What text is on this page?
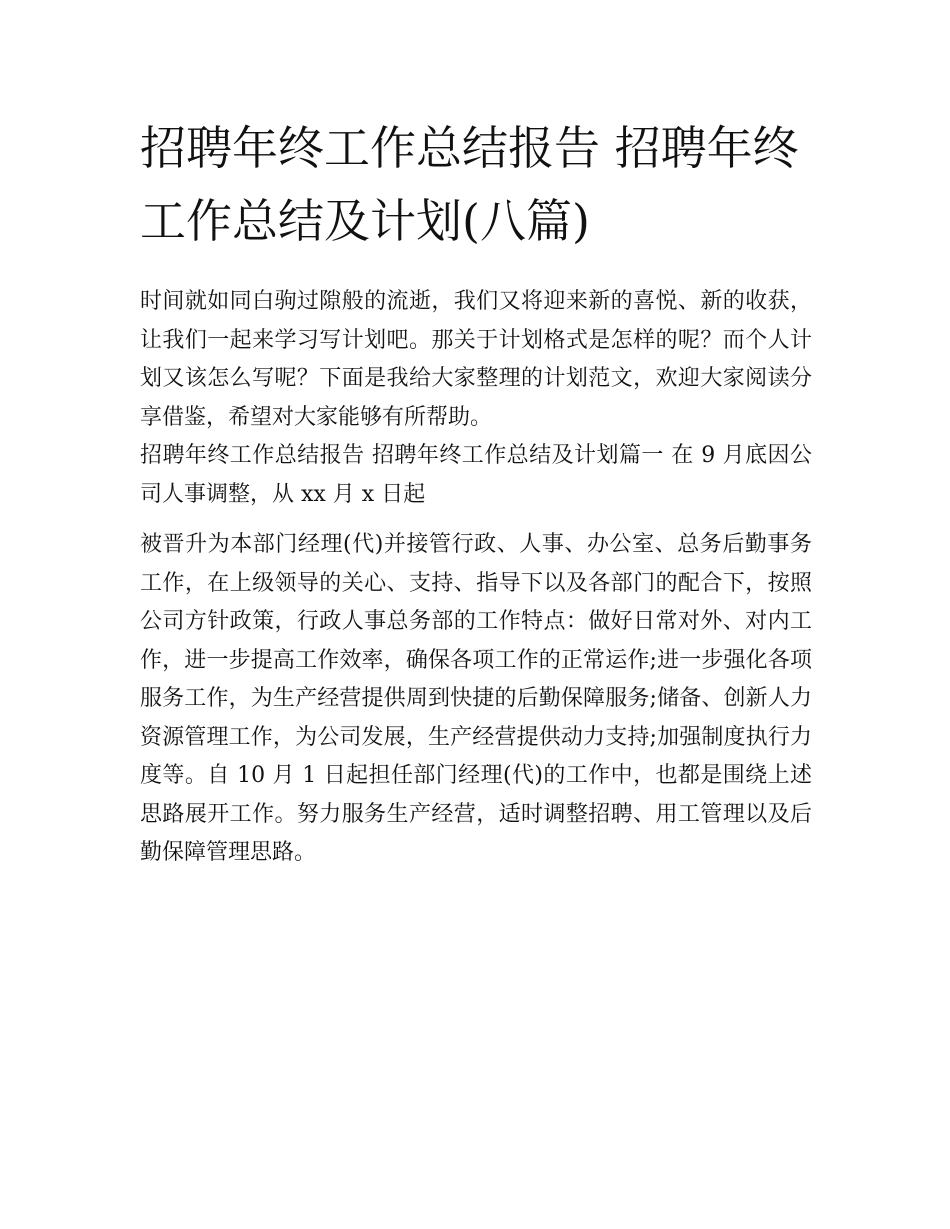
招聘年终工作总结报告 招聘年终工作总结及计划(八篇)

时间就如同白驹过隙般的流逝，我们又将迎来新的喜悦、新的收获，让我们一起来学习写计划吧。那关于计划格式是怎样的呢？而个人计划又该怎么写呢？下面是我给大家整理的计划范文，欢迎大家阅读分享借鉴，希望对大家能够有所帮助。

招聘年终工作总结报告 招聘年终工作总结及计划篇一 在 9 月底因公司人事调整，从 xx 月 x 日起

被晋升为本部门经理(代)并接管行政、人事、办公室、总务后勤事务工作，在上级领导的关心、支持、指导下以及各部门的配合下，按照公司方针政策，行政人事总务部的工作特点：做好日常对外、对内工作，进一步提高工作效率，确保各项工作的正常运作;进一步强化各项服务工作，为生产经营提供周到快捷的后勤保障服务;储备、创新人力资源管理工作，为公司发展，生产经营提供动力支持;加强制度执行力度等。自 10 月 1 日起担任部门经理(代)的工作中，也都是围绕上述思路展开工作。努力服务生产经营，适时调整招聘、用工管理以及后勤保障管理思路。
